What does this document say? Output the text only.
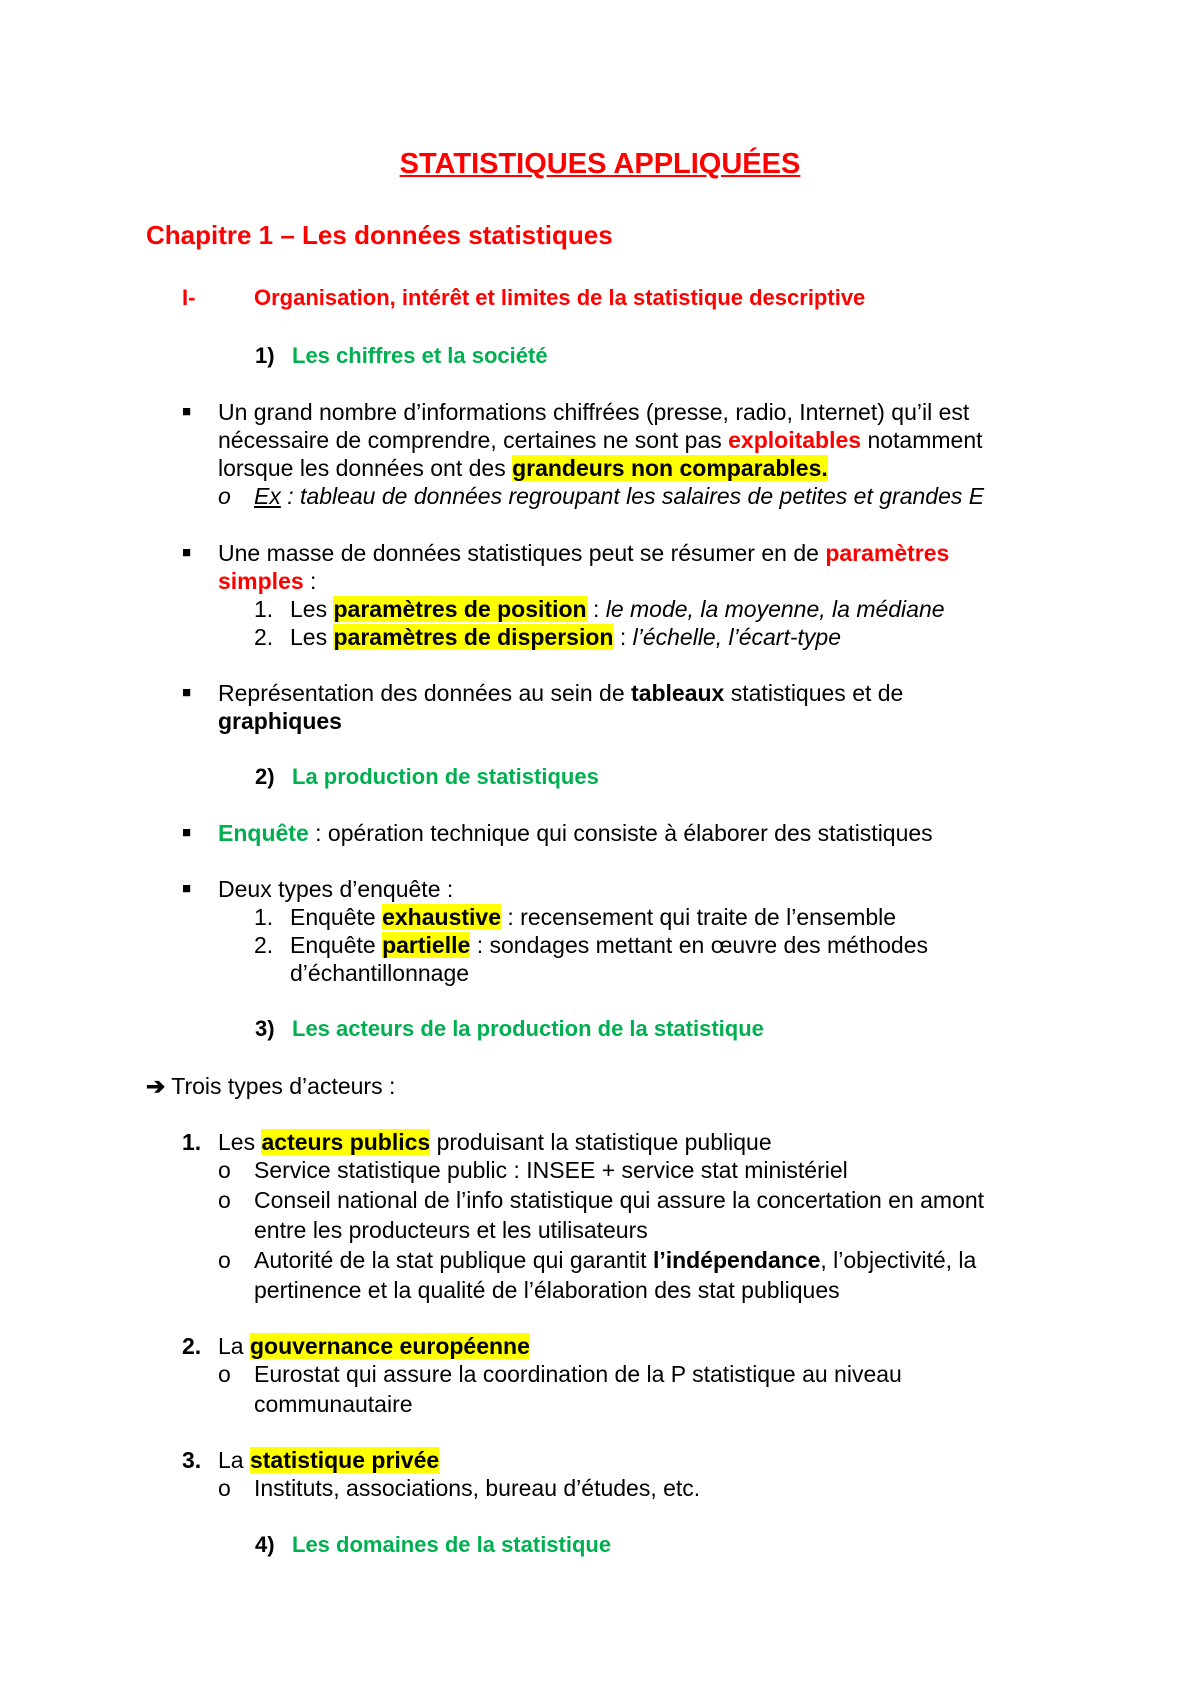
STATISTIQUES APPLIQUÉES
Chapitre 1 – Les données statistiques
I-	Organisation, intérêt et limites de la statistique descriptive
1) Les chiffres et la société
■ Un grand nombre d’informations chiffrées (presse, radio, Internet) qu’il est
nécessaire de comprendre, certaines ne sont pas exploitables notamment
lorsque les données ont des grandeurs non comparables.
o Ex : tableau de données regroupant les salaires de petites et grandes E
■ Une masse de données statistiques peut se résumer en de paramètres
simples :
1. Les paramètres de position : le mode, la moyenne, la médiane
2. Les paramètres de dispersion : l’échelle, l’écart-type
■ Représentation des données au sein de tableaux statistiques et de
graphiques
2) La production de statistiques
■ Enquête : opération technique qui consiste à élaborer des statistiques
■ Deux types d’enquête :
1. Enquête exhaustive : recensement qui traite de l’ensemble
2. Enquête partielle : sondages mettant en œuvre des méthodes
d’échantillonnage
3) Les acteurs de la production de la statistique
➔ Trois types d’acteurs :
1. Les acteurs publics produisant la statistique publique
o Service statistique public : INSEE + service stat ministériel
o Conseil national de l’info statistique qui assure la concertation en amont
entre les producteurs et les utilisateurs
o Autorité de la stat publique qui garantit l’indépendance, l’objectivité, la
pertinence et la qualité de l’élaboration des stat publiques
2. La gouvernance européenne
o Eurostat qui assure la coordination de la P statistique au niveau
communautaire
3. La statistique privée
o Instituts, associations, bureau d’études, etc.
4) Les domaines de la statistique
